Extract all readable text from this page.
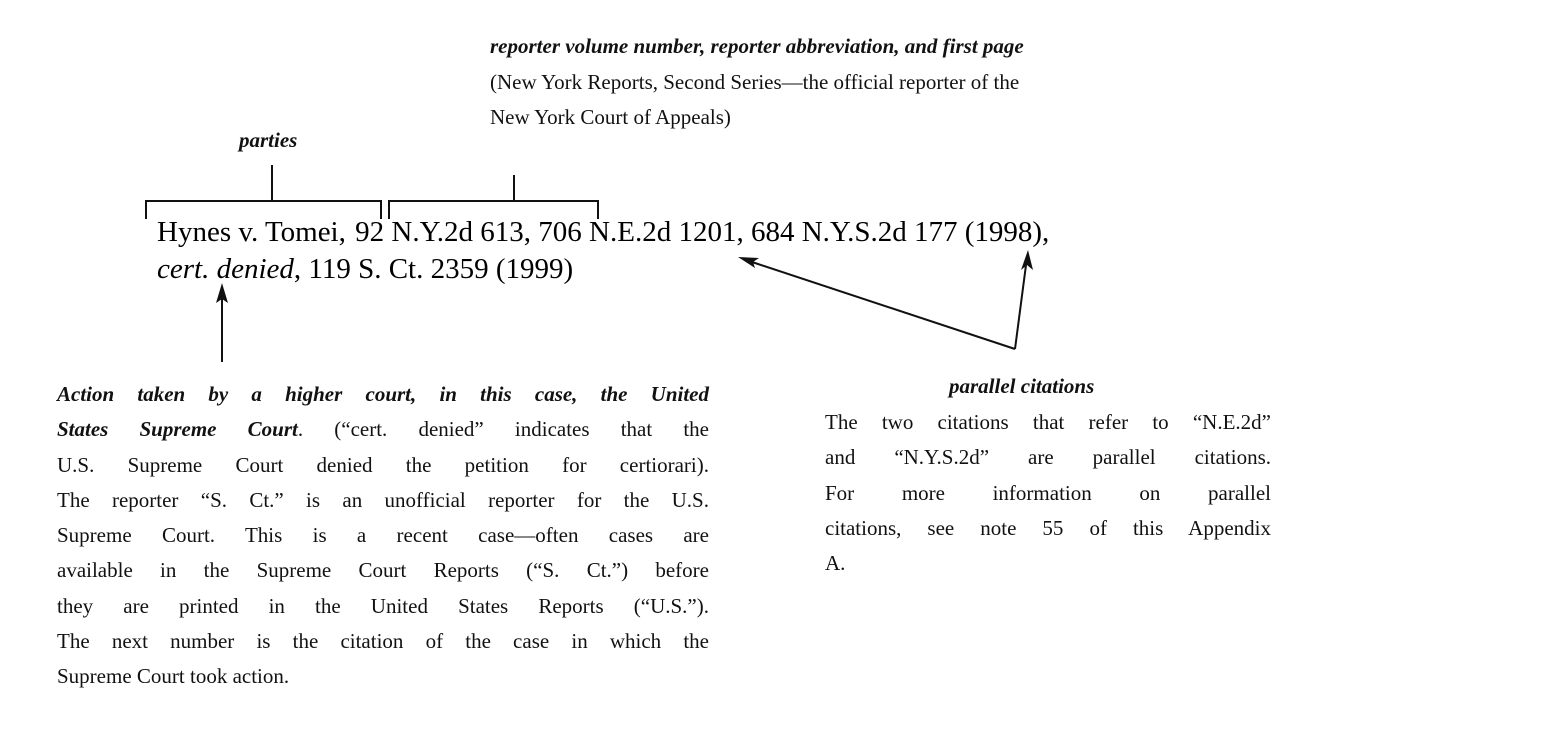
reporter volume number, reporter abbreviation, and first page
(New York Reports, Second Series—the official reporter of the
New York Court of Appeals)
parties
Hynes v. Tomei, 92 N.Y.2d 613, 706 N.E.2d 1201, 684 N.Y.S.2d 177 (1998),
cert. denied, 119 S. Ct. 2359 (1999)
Action taken by a higher court, in this case, the United
States Supreme Court. (“cert. denied” indicates that the
U.S. Supreme Court denied the petition for certiorari).
The reporter “S. Ct.” is an unofficial reporter for the U.S.
Supreme Court. This is a recent case—often cases are
available in the Supreme Court Reports (“S. Ct.”) before
they are printed in the United States Reports (“U.S.”).
The next number is the citation of the case in which the
Supreme Court took action.
parallel citations
The two citations that refer to “N.E.2d”
and “N.Y.S.2d” are parallel citations.
For more information on parallel
citations, see note 55 of this Appendix
A.
